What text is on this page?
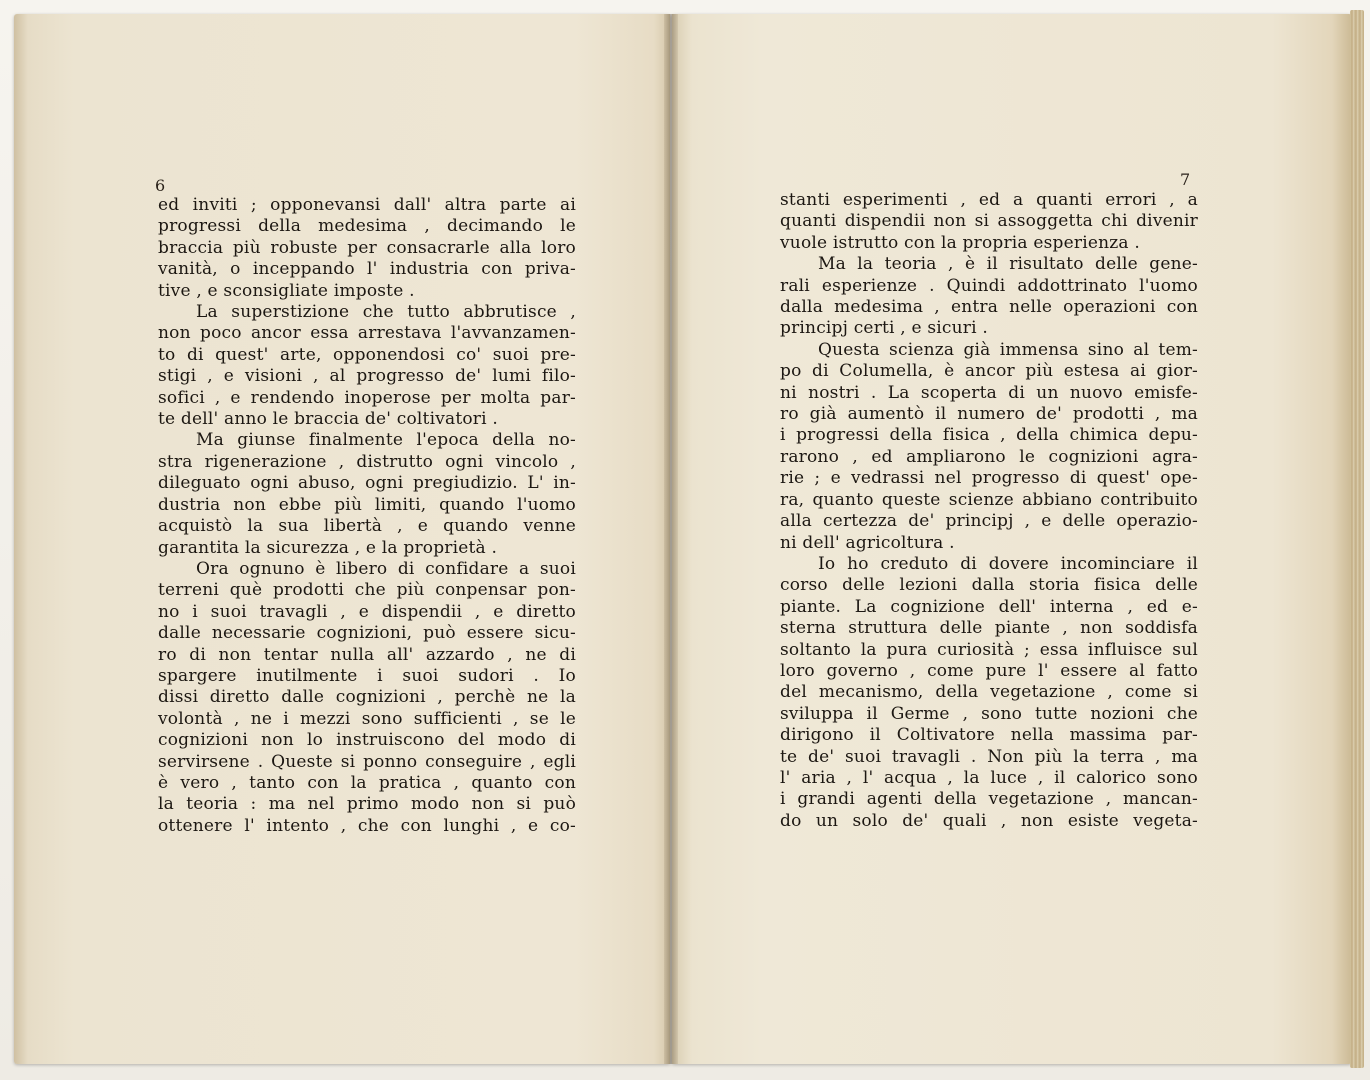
6	7
ed inviti ; opponevansi dall' altra parte ai
progressi della medesima , decimando le
braccia più robuste per consacrarle alla loro
vanità, o inceppando l' industria con priva-
tive , e sconsigliate imposte .
La superstizione che tutto abbrutisce ,
non poco ancor essa arrestava l'avvanzamen-
to di quest' arte, opponendosi co' suoi pre-
stigi , e visioni , al progresso de' lumi filo-
sofici , e rendendo inoperose per molta par-
te dell' anno le braccia de' coltivatori .
Ma giunse finalmente l'epoca della no-
stra rigenerazione , distrutto ogni vincolo ,
dileguato ogni abuso, ogni pregiudizio. L' in-
dustria non ebbe più limiti, quando l'uomo
acquistò la sua libertà , e quando venne
garantita la sicurezza , e la proprietà .
Ora ognuno è libero di confidare a suoi
terreni què prodotti che più conpensar pon-
no i suoi travagli , e dispendii , e diretto
dalle necessarie cognizioni, può essere sicu-
ro di non tentar nulla all' azzardo , ne di
spargere inutilmente i suoi sudori . Io
dissi diretto dalle cognizioni , perchè ne la
volontà , ne i mezzi sono sufficienti , se le
cognizioni non lo instruiscono del modo di
servirsene . Queste si ponno conseguire , egli
è vero , tanto con la pratica , quanto con
la teoria : ma nel primo modo non si può
ottenere l' intento , che con lunghi , e co-
stanti esperimenti , ed a quanti errori , a
quanti dispendii non si assoggetta chi divenir
vuole istrutto con la propria esperienza .
Ma la teoria , è il risultato delle gene-
rali esperienze . Quindi addottrinato l'uomo
dalla medesima , entra nelle operazioni con
principj certi , e sicuri .
Questa scienza già immensa sino al tem-
po di Columella, è ancor più estesa ai gior-
ni nostri . La scoperta di un nuovo emisfe-
ro già aumentò il numero de' prodotti , ma
i progressi della fisica , della chimica depu-
rarono , ed ampliarono le cognizioni agra-
rie ; e vedrassi nel progresso di quest' ope-
ra, quanto queste scienze abbiano contribuito
alla certezza de' principj , e delle operazio-
ni dell' agricoltura .
Io ho creduto di dovere incominciare il
corso delle lezioni dalla storia fisica delle
piante. La cognizione dell' interna , ed e-
sterna struttura delle piante , non soddisfa
soltanto la pura curiosità ; essa influisce sul
loro governo , come pure l' essere al fatto
del mecanismo, della vegetazione , come si
sviluppa il Germe , sono tutte nozioni che
dirigono il Coltivatore nella massima par-
te de' suoi travagli . Non più la terra , ma
l' aria , l' acqua , la luce , il calorico sono
i grandi agenti della vegetazione , mancan-
do un solo de' quali , non esiste vegeta-
